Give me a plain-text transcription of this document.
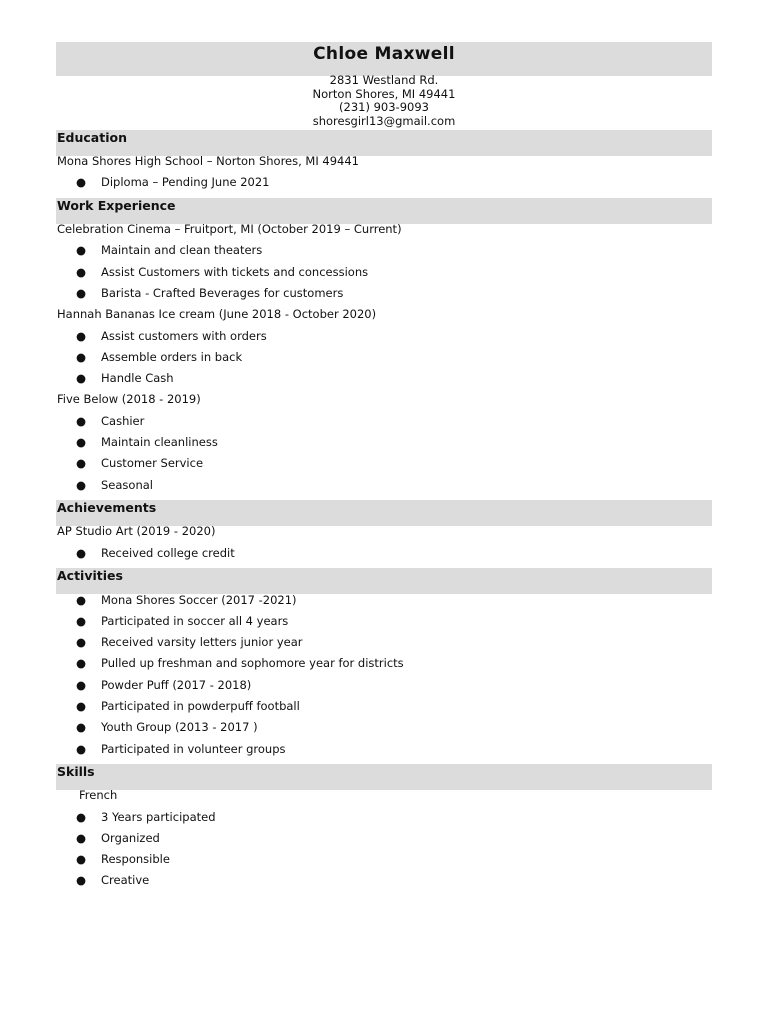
Chloe Maxwell
2831 Westland Rd.
Norton Shores, MI 49441
(231) 903-9093
shoresgirl13@gmail.com
Education
Mona Shores High School – Norton Shores, MI 49441
● Diploma – Pending June 2021
Work Experience
Celebration Cinema – Fruitport, MI (October 2019 – Current)
● Maintain and clean theaters
● Assist Customers with tickets and concessions
● Barista - Crafted Beverages for customers
Hannah Bananas Ice cream (June 2018 - October 2020)
● Assist customers with orders
● Assemble orders in back
● Handle Cash
Five Below (2018 - 2019)
● Cashier
● Maintain cleanliness
● Customer Service
● Seasonal
Achievements
AP Studio Art (2019 - 2020)
● Received college credit
Activities
● Mona Shores Soccer (2017 -2021)
● Participated in soccer all 4 years
● Received varsity letters junior year
● Pulled up freshman and sophomore year for districts
● Powder Puff (2017 - 2018)
● Participated in powderpuff football
● Youth Group (2013 - 2017 )
● Participated in volunteer groups
Skills
French
● 3 Years participated
● Organized
● Responsible
● Creative
